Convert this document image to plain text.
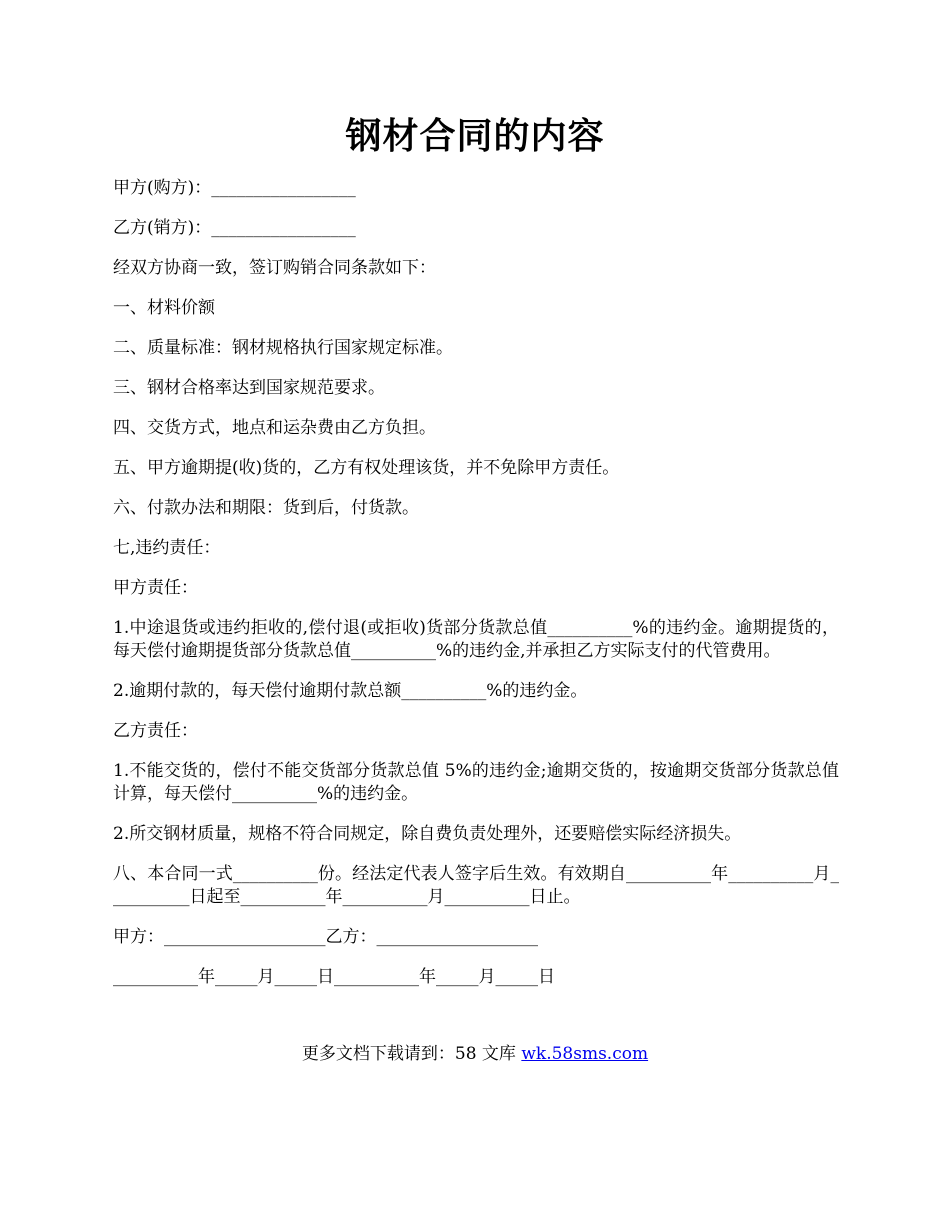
钢材合同的内容
甲方(购方)：_________________
乙方(销方)：_________________
经双方协商一致，签订购销合同条款如下：
一、材料价额
二、质量标准：钢材规格执行国家规定标准。
三、钢材合格率达到国家规范要求。
四、交货方式，地点和运杂费由乙方负担。
五、甲方逾期提(收)货的，乙方有权处理该货，并不免除甲方责任。
六、付款办法和期限：货到后，付货款。
七,违约责任：
甲方责任：
1.中途退货或违约拒收的,偿付退(或拒收)货部分货款总值__________%的违约金。逾期提货的，每天偿付逾期提货部分货款总值__________%的违约金,并承担乙方实际支付的代管费用。
2.逾期付款的，每天偿付逾期付款总额__________%的违约金。
乙方责任：
1.不能交货的，偿付不能交货部分货款总值 5%的违约金;逾期交货的，按逾期交货部分货款总值计算，每天偿付__________%的违约金。
2.所交钢材质量，规格不符合同规定，除自费负责处理外，还要赔偿实际经济损失。
八、本合同一式__________份。经法定代表人签字后生效。有效期自__________年__________月__________日起至__________年__________月__________日止。
甲方：___________________乙方：___________________
__________年_____月_____日__________年_____月_____日
更多文档下载请到：58 文库 wk.58sms.com
